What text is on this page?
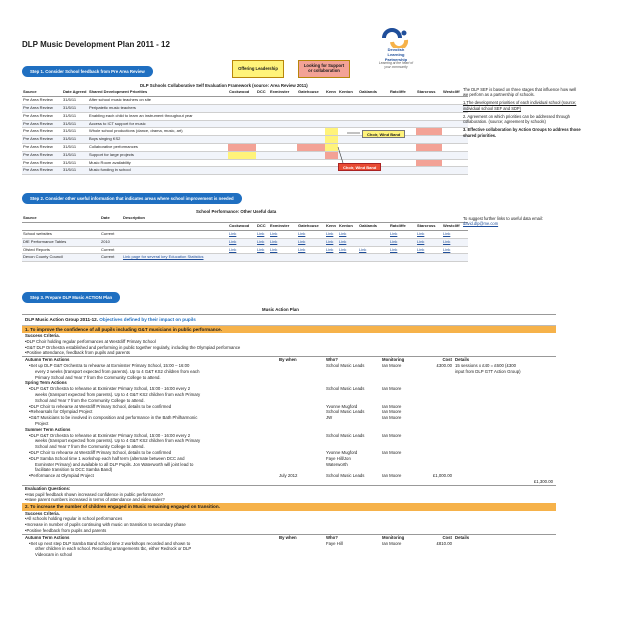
DLP Music Development Plan 2011 - 12
Devolish
Learning
Partnership
Learning at the heart of
your community
Step 1. Consider School feedback from Pre Area Review
Offering Leadership	Looking for Support
or collaboration
DLP Schools Collaborative Self Evaluation Framework (source: Area Review 2011)
Source	Date Agreed	Shared Development Priorities	Cockwood	DCC	Exminster	Gatehouse	Kenn	Kenton	Oaklands	Ratcliffe	Starcross	Westcliff
Pre Area Review	31/5/11	After school music teachers on site										
Pre Area Review	31/5/11	Peripatetic music teachers										
Pre Area Review	31/5/11	Enabling each child to learn an instrument throughout year										
Pre Area Review	31/5/11	Access to ICT support for music										
Pre Area Review	31/5/11	Whole school productions (dance, drama, music, art)										
Pre Area Review	31/5/11	Boys singing KS2										
Pre Area Review	31/5/11	Collaborative performances										
Pre Area Review	31/5/11	Support for large projects										
Pre Area Review	31/5/11	Music Room availability										
Pre Area Review	31/5/11	Music funding in school										
Choir, Wind Band
Choir, Wind Band
The DLP SEF is based on three stages that influence how well we perform as a partnership of schools.
1.The development priorities of each individual school (source; individual school SEF and SDP)
2. Agreement on which priorities can be addressed through collaboration. (source; agreement by schools)
3. Effective collaboration by Action Groups to address those shared priorities.
Step 2. Consider other useful information that indicates areas where school improvement is needed
School Performance: Other Useful data
Source	Date	Description										
			Cockwood	DCC	Exminster	Gatehouse	Kenn	Kenton	Oaklands	Ratcliffe	Starcross	Westcliff
School websites	Current		Link	Link	Link	Link	Link	Link		Link	Link	Link
DfE Performance Tables	2010		Link	Link	Link	Link	Link	Link		Link	Link	Link
Ofsted Reports	Current		Link	Link	Link	Link	Link	Link	Link	Link	Link	Link
Devon County Council	Current	Link page for several key Education Statistics										
To suggest further links to useful data email:
david.dlp@me.com
Step 3. Prepare DLP Music ACTION Plan
Music Action Plan
DLP Music Action Group 2011-12. Objectives defined by their impact on pupils
1. To improve the confidence of all pupils including G&T musicians in public performance.
Success Criteria.
•DLP Choir holding regular performances at Westcliff Primary School
•G&T DLP Orchestra established and performing in public together regularly, including the Olympiad performance
•Positive attendance, feedback from pupils and parents
Autumn Term Actions	By when	Who?	Monitoring	Cost Details
•Set up DLP G&T Orchestra to rehearse at Exminster Primary School, 15:00 – 16:00
every 2 weeks (transport expected from parents). Up to 4 G&T KS2 children from each
Primary School and Year 7 from the Community College to attend.
School Music Leads	Ian Moore	£300.00 15 sessions x £40 = £600 (£300
input from DLP G7T Action Group)
Spring Term Actions
•DLP G&T Orchestra to rehearse at Exminster Primary School, 15:00 - 16:00 every 2
weeks (transport expected from parents). Up to 4 G&T KS2 children from each Primary
School and Year 7 from the Community College to attend.
School Music Leads	Ian Moore
•DLP Choir to rehearse at Westcliff Primary School, details to be confirmed	Yvonne Mugford	Ian Moore
•Rehearsals for Olympiad Project	School Music Leads	Ian Moore
•G&T Musicians to be involved in composition and performance in the Bath Philharmonic
Project
JW	Ian Moore
Summer Term Actions
•DLP G&T Orchestra to rehearse at Exminster Primary School, 15:00 - 16:00 every 2
weeks (transport expected from parents). Up to 4 G&T KS2 children from each Primary
School and Year 7 from the Community College to attend.
School Music Leads	Ian Moore
•DLP Choir to rehearse at Westcliff Primary School, details to be confirmed	Yvonne Mugford	Ian Moore
•DLP Samba School time 1 workshop each half term (alternate between DCC and
Exminster Primary) and available to all DLP Pupils. Jon Waterworth will joint lead to
facilitate transition to DCC Samba Band)
Faye Hill/Jon
Waterworth
•Performance at Olympiad Project	July 2012	School Music Leads	Ian Moore	£1,000.00
£1,300.00
Evaluation Questions:
•Has pupil feedback shown increased confidence in public performance?
•Have parent numbers increased in terms of attendance and video sales?
2. To increase the number of children engaged in Music remaining engaged on transition.
Success Criteria.
•All schools holding regular in school performances
•Increase in number of pupils continuing with music on transition to secondary phase
•Positive feedback from pupils and parents
Autumn Term Actions	By when	Who?	Monitoring	Cost Details
•Set up next step DLP Samba Band school time 2 workshops recorded and shown to
other children in each school. Recording arrangements tbc, either Redrock or DLP
Videocam in school
Faye Hill	Ian Moore	£810.00
